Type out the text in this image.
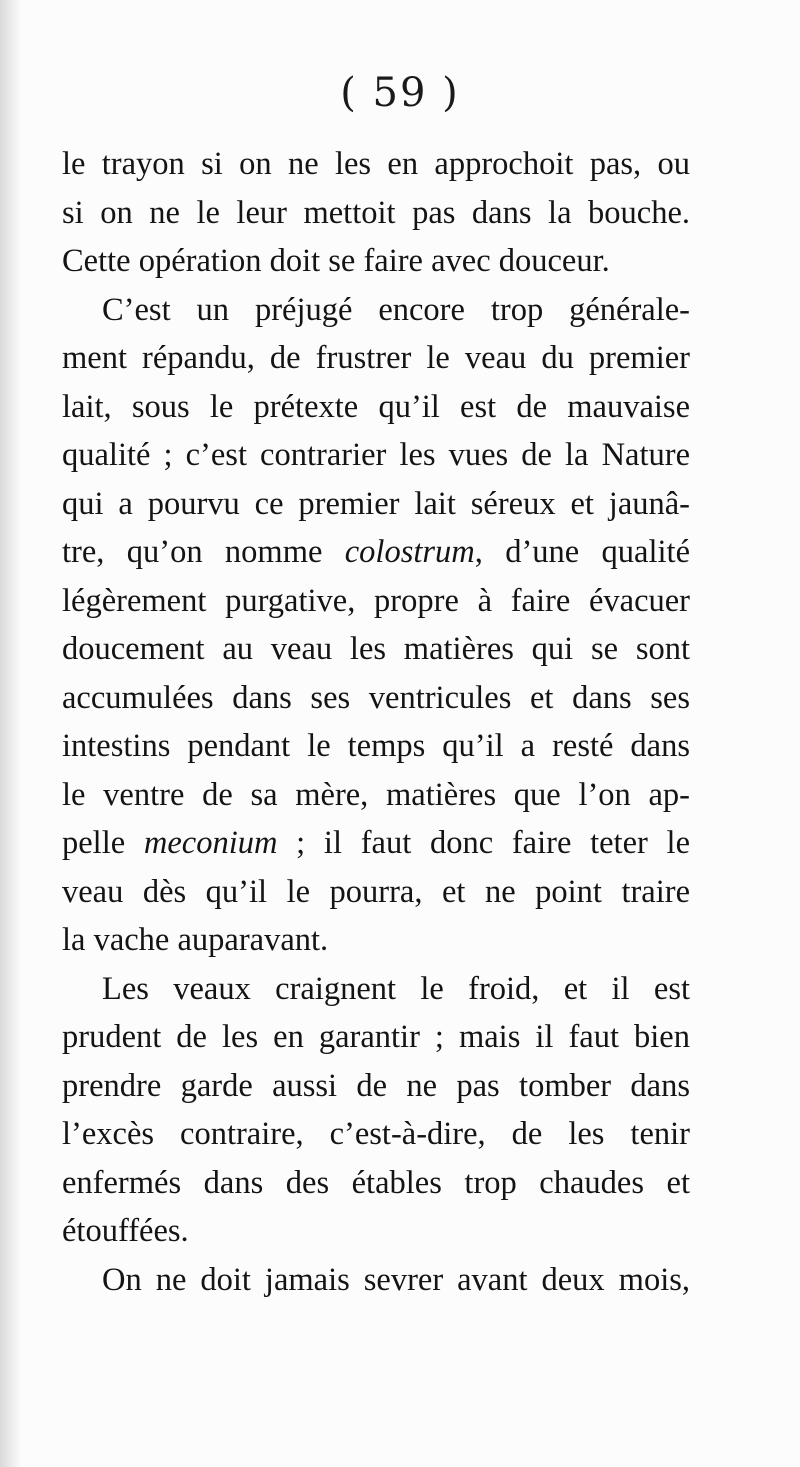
( 59 )
le trayon si on ne les en approchoit pas, ou
si on ne le leur mettoit pas dans la bouche.
Cette opération doit se faire avec douceur.
C’est un préjugé encore trop générale-
ment répandu, de frustrer le veau du premier
lait, sous le prétexte qu’il est de mauvaise
qualité ; c’est contrarier les vues de la Nature
qui a pourvu ce premier lait séreux et jaunâ-
tre, qu’on nomme colostrum, d’une qualité
légèrement purgative, propre à faire évacuer
doucement au veau les matières qui se sont
accumulées dans ses ventricules et dans ses
intestins pendant le temps qu’il a resté dans
le ventre de sa mère, matières que l’on ap-
pelle meconium ; il faut donc faire teter le
veau dès qu’il le pourra, et ne point traire
la vache auparavant.
Les veaux craignent le froid, et il est
prudent de les en garantir ; mais il faut bien
prendre garde aussi de ne pas tomber dans
l’excès contraire, c’est-à-dire, de les tenir
enfermés dans des étables trop chaudes et
étouffées.
On ne doit jamais sevrer avant deux mois,
